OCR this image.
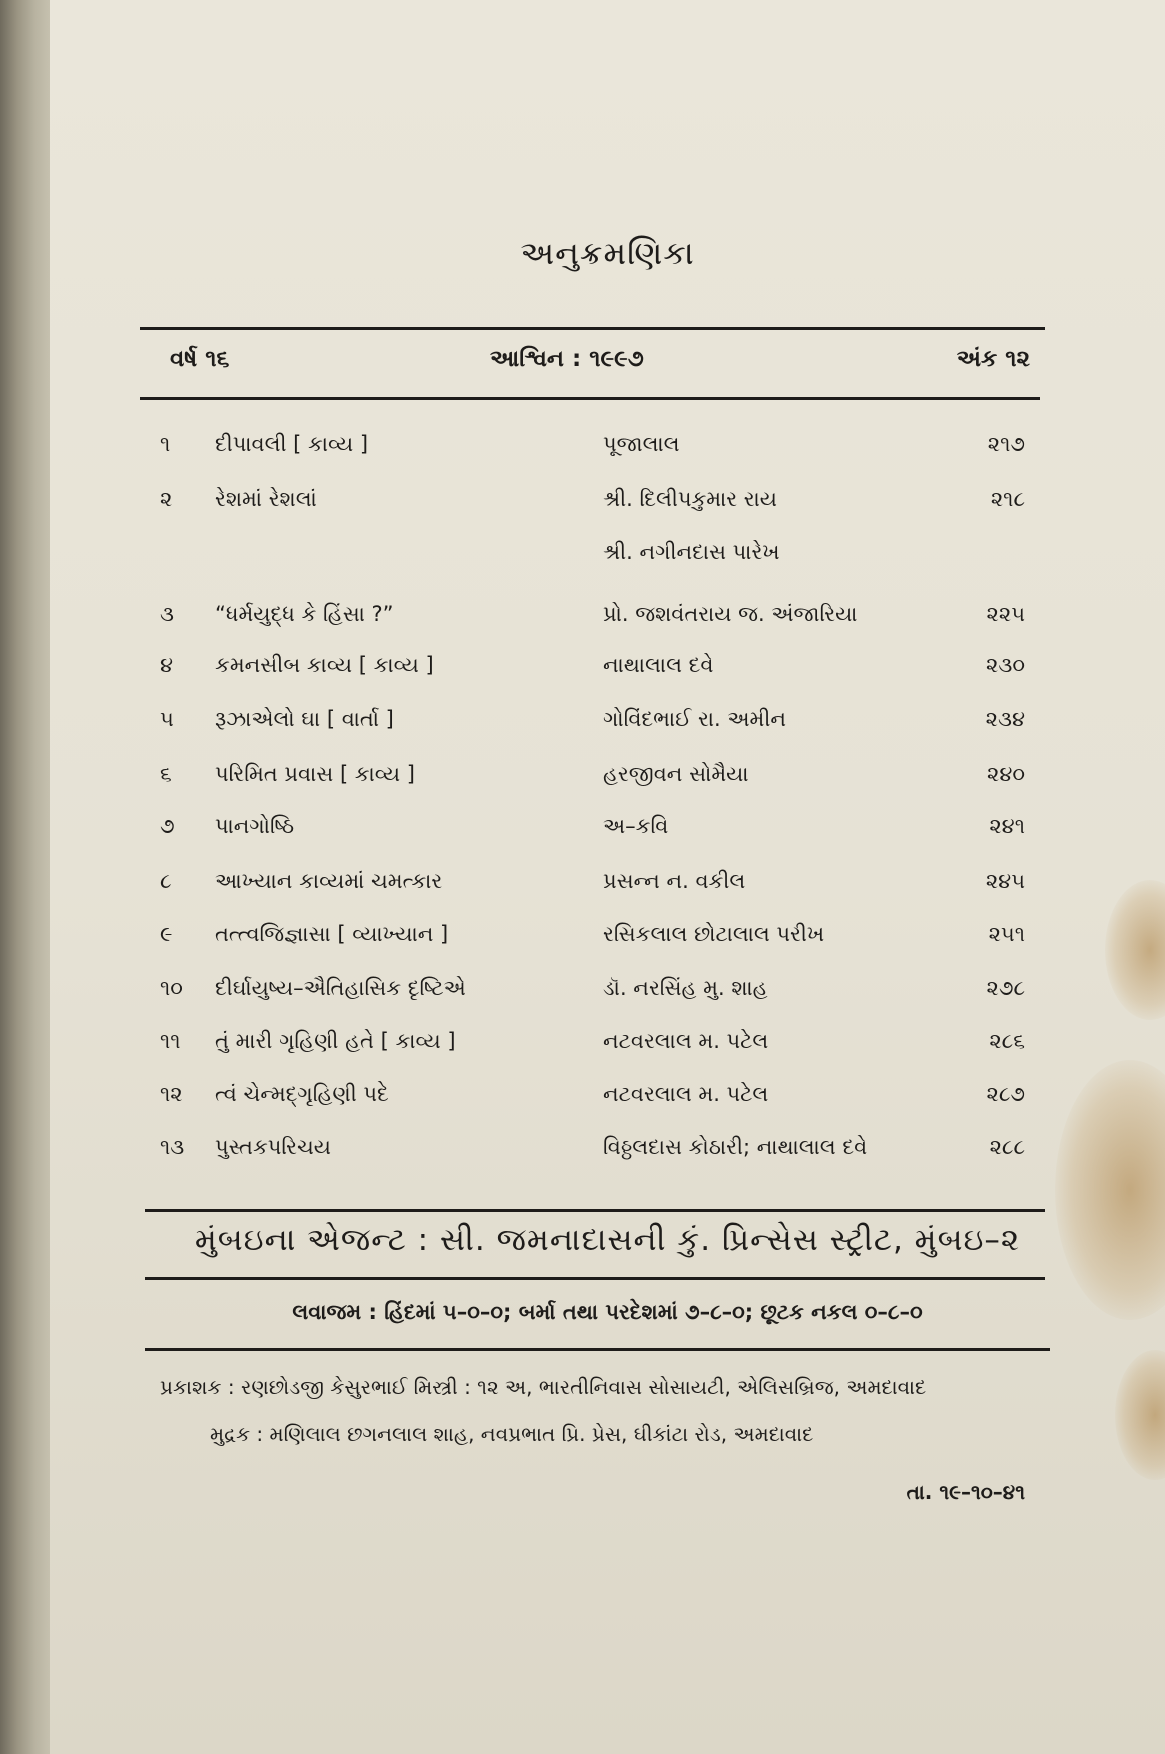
અનુક્રમણિકા
વર્ષ ૧૬	આશ્વિન : ૧૯૯૭	અંક ૧૨
૧	દીપાવલી [ કાવ્ય ]	પૂજાલાલ	૨૧૭
૨	રેશમાં રેશલાં	શ્રી. દિલીપકુમાર રાય	૨૧૮
શ્રી. નગીનદાસ પારેખ
૩	“ધર્મયુદ્ધ કે હિંસા ?”	પ્રો. જશવંતરાય જ. અંજારિયા	૨૨૫
૪	કમનસીબ કાવ્ય [ કાવ્ય ]	નાથાલાલ દવે	૨૩૦
૫	રૂઝાએલો ઘા [ વાર્તા ]	ગોવિંદભાઈ રા. અમીન	૨૩૪
૬	પરિમિત પ્રવાસ [ કાવ્ય ]	હરજીવન સોમૈયા	૨૪૦
૭	પાનગોષ્ઠિ	અ–કવિ	૨૪૧
૮	આખ્યાન કાવ્યમાં ચમત્કાર	પ્રસન્ન ન. વકીલ	૨૪૫
૯	તત્ત્વજિજ્ઞાસા [ વ્યાખ્યાન ]	રસિકલાલ છોટાલાલ પરીખ	૨૫૧
૧૦	દીર્ઘાયુષ્ય–ઐતિહાસિક દૃષ્ટિએ	ડૉ. નરસિંહ મુ. શાહ	૨૭૮
૧૧	તું મારી ગૃહિણી હતે [ કાવ્ય ]	નટવરલાલ મ. પટેલ	૨૮૬
૧૨	ત્વં ચેન્મદ્‌ગૃહિણી પદે	નટવરલાલ મ. પટેલ	૨૮૭
૧૩	પુસ્તકપરિચય	વિઠ્ઠલદાસ કોઠારી; નાથાલાલ દવે	૨૮૮
મુંબઇના એજન્ટ : સી. જમનાદાસની કું. પ્રિન્સેસ સ્ટ્રીટ, મુંબઇ–૨
લવાજમ : હિંદમાં ૫–૦–૦; બર્મા તથા પરદેશમાં ૭–૮–૦; છૂટક નકલ ૦–૮–૦
પ્રકાશક : રણછોડજી કેસુરભાઈ મિસ્ત્રી : ૧૨ અ, ભારતીનિવાસ સોસાયટી, એલિસબ્રિજ, અમદાવાદ
મુદ્રક : મણિલાલ છગનલાલ શાહ, નવપ્રભાત પ્રિ. પ્રેસ, ઘીકાંટા રોડ, અમદાવાદ
તા. ૧૯–૧૦–૪૧
